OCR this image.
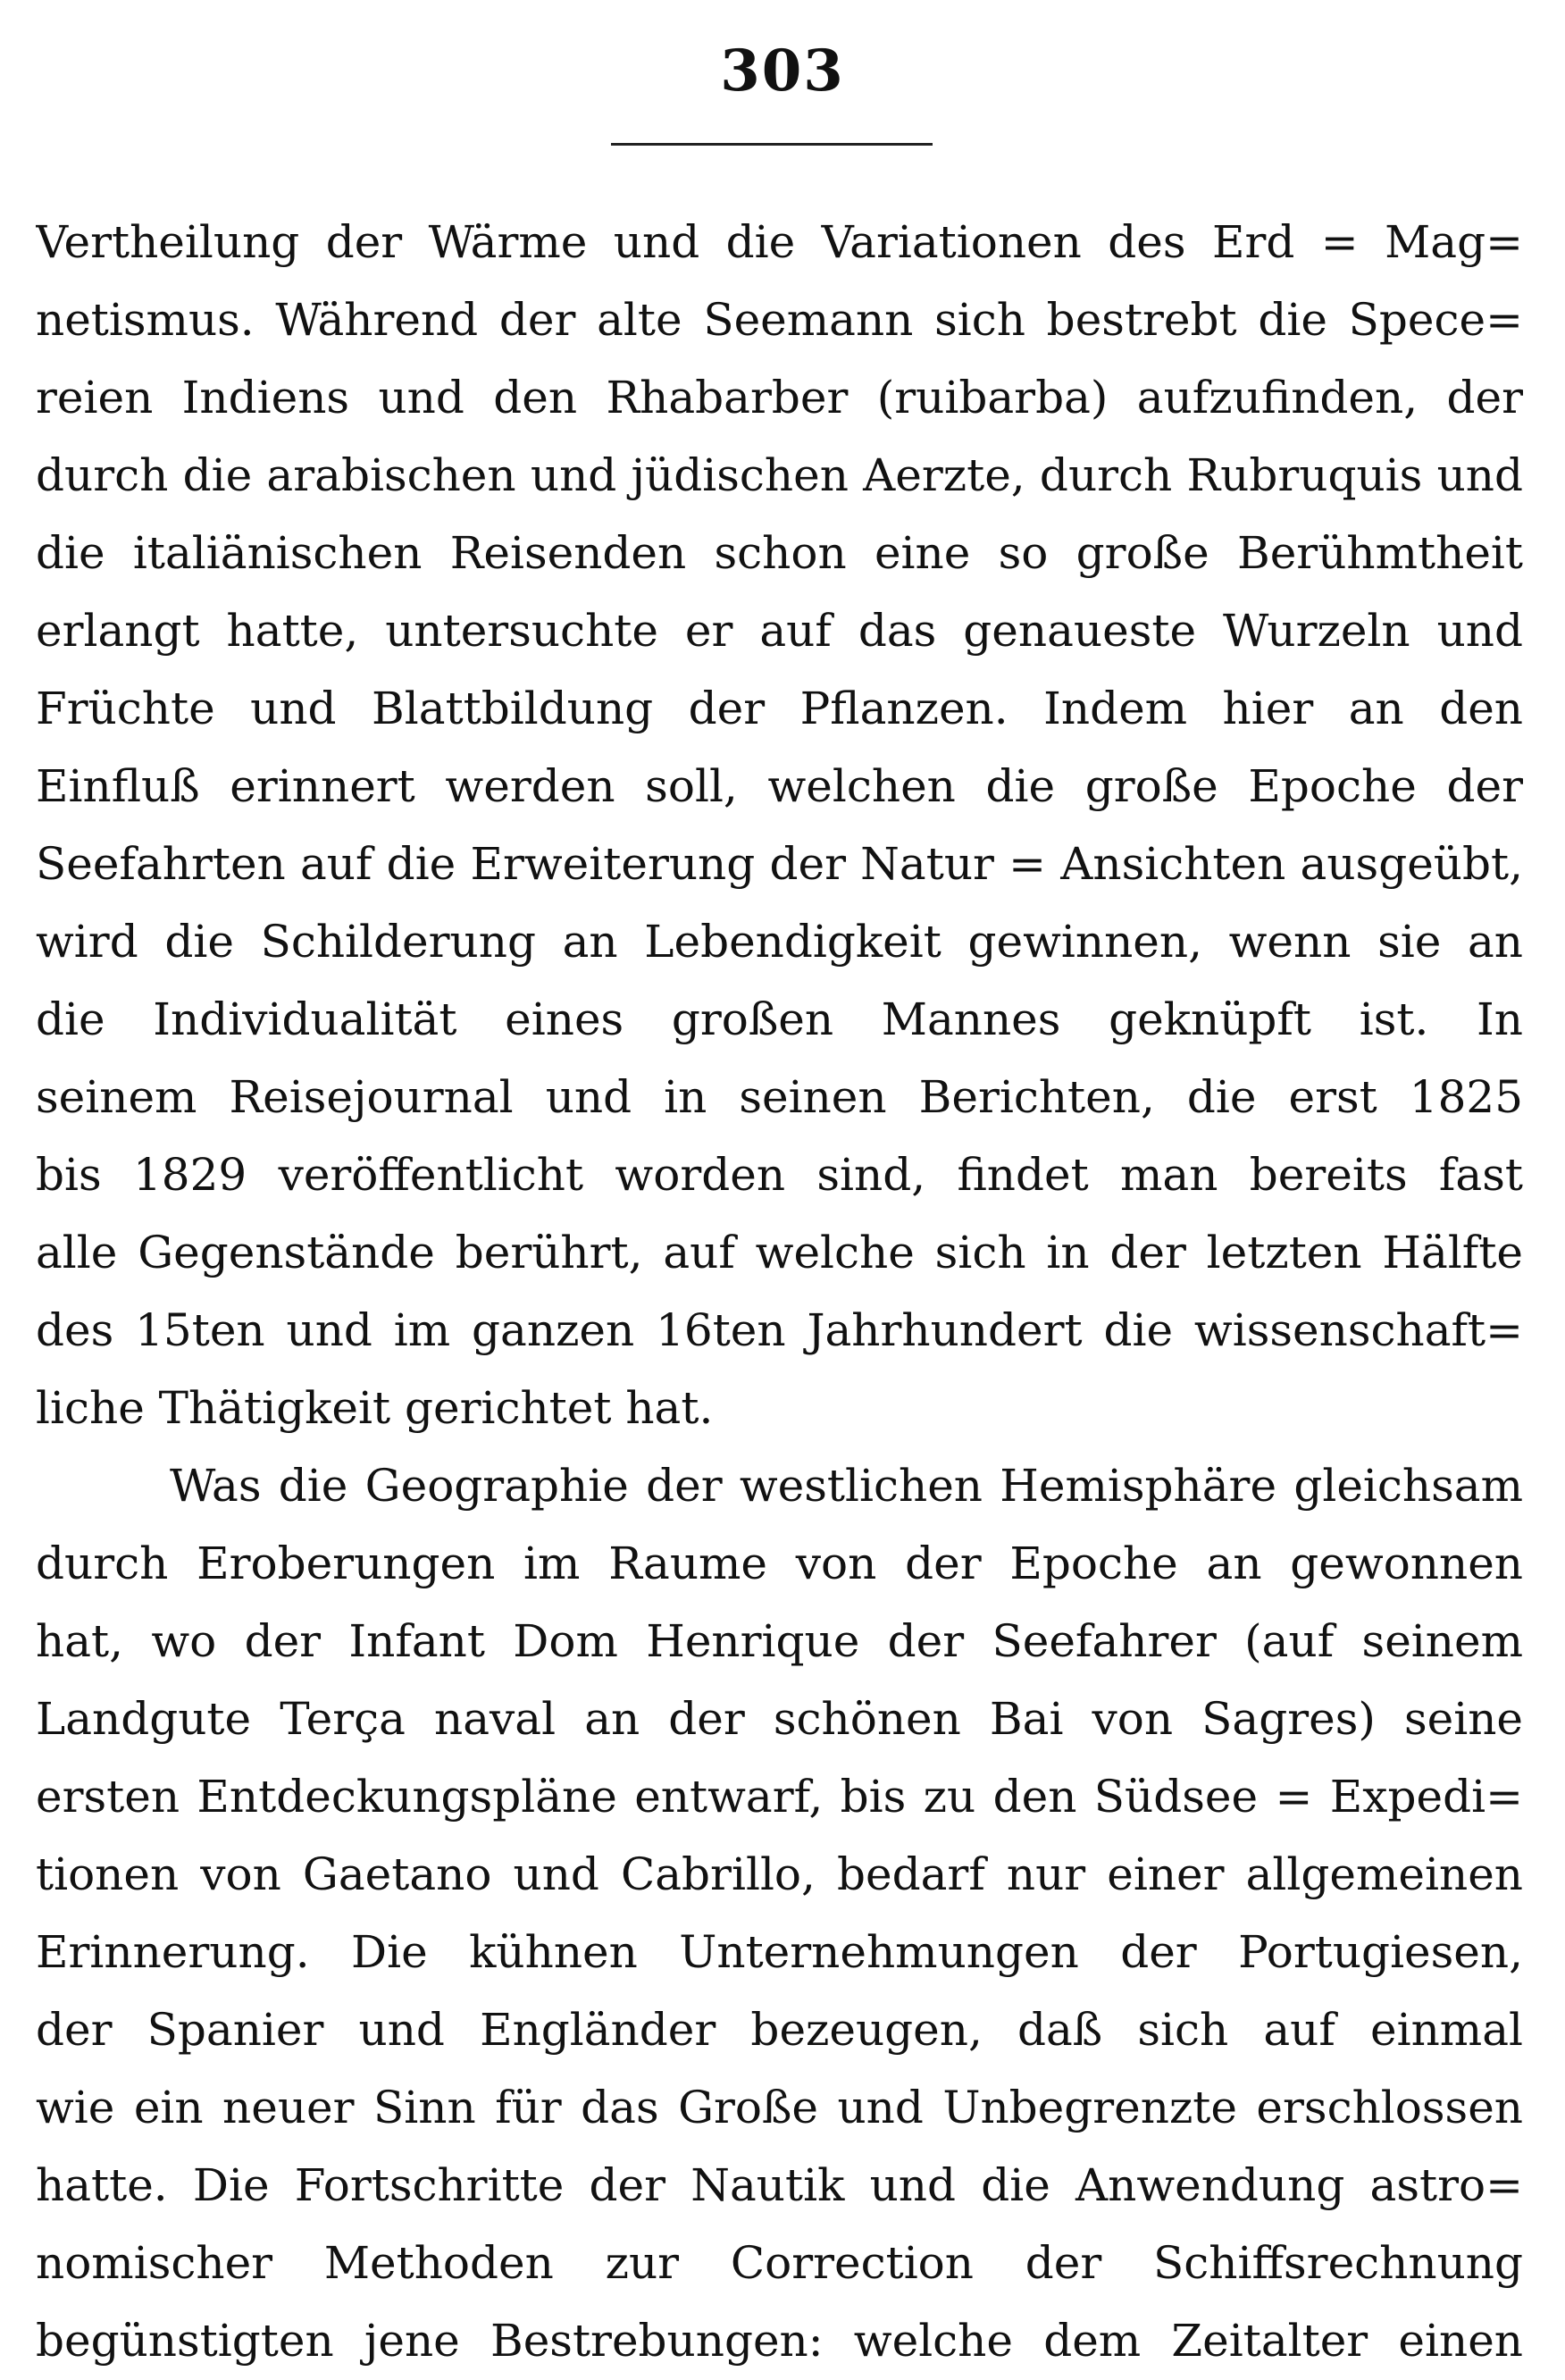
303
Vertheilung der Wärme und die Variationen des Erd = Mag=
netismus. Während der alte Seemann sich bestrebt die Spece=
reien Indiens und den Rhabarber (ruibarba) aufzufinden, der
durch die arabischen und jüdischen Aerzte, durch Rubruquis und
die italiänischen Reisenden schon eine so große Berühmtheit
erlangt hatte, untersuchte er auf das genaueste Wurzeln und
Früchte und Blattbildung der Pflanzen. Indem hier an den
Einfluß erinnert werden soll, welchen die große Epoche der
Seefahrten auf die Erweiterung der Natur = Ansichten ausgeübt,
wird die Schilderung an Lebendigkeit gewinnen, wenn sie an
die Individualität eines großen Mannes geknüpft ist. In
seinem Reisejournal und in seinen Berichten, die erst 1825
bis 1829 veröffentlicht worden sind, findet man bereits fast
alle Gegenstände berührt, auf welche sich in der letzten Hälfte
des 15ten und im ganzen 16ten Jahrhundert die wissenschaft=
liche Thätigkeit gerichtet hat.
Was die Geographie der westlichen Hemisphäre gleichsam
durch Eroberungen im Raume von der Epoche an gewonnen
hat, wo der Infant Dom Henrique der Seefahrer (auf seinem
Landgute Terça naval an der schönen Bai von Sagres) seine
ersten Entdeckungspläne entwarf, bis zu den Südsee = Expedi=
tionen von Gaetano und Cabrillo, bedarf nur einer allgemeinen
Erinnerung. Die kühnen Unternehmungen der Portugiesen,
der Spanier und Engländer bezeugen, daß sich auf einmal
wie ein neuer Sinn für das Große und Unbegrenzte erschlossen
hatte. Die Fortschritte der Nautik und die Anwendung astro=
nomischer Methoden zur Correction der Schiffsrechnung
begünstigten jene Bestrebungen: welche dem Zeitalter einen
